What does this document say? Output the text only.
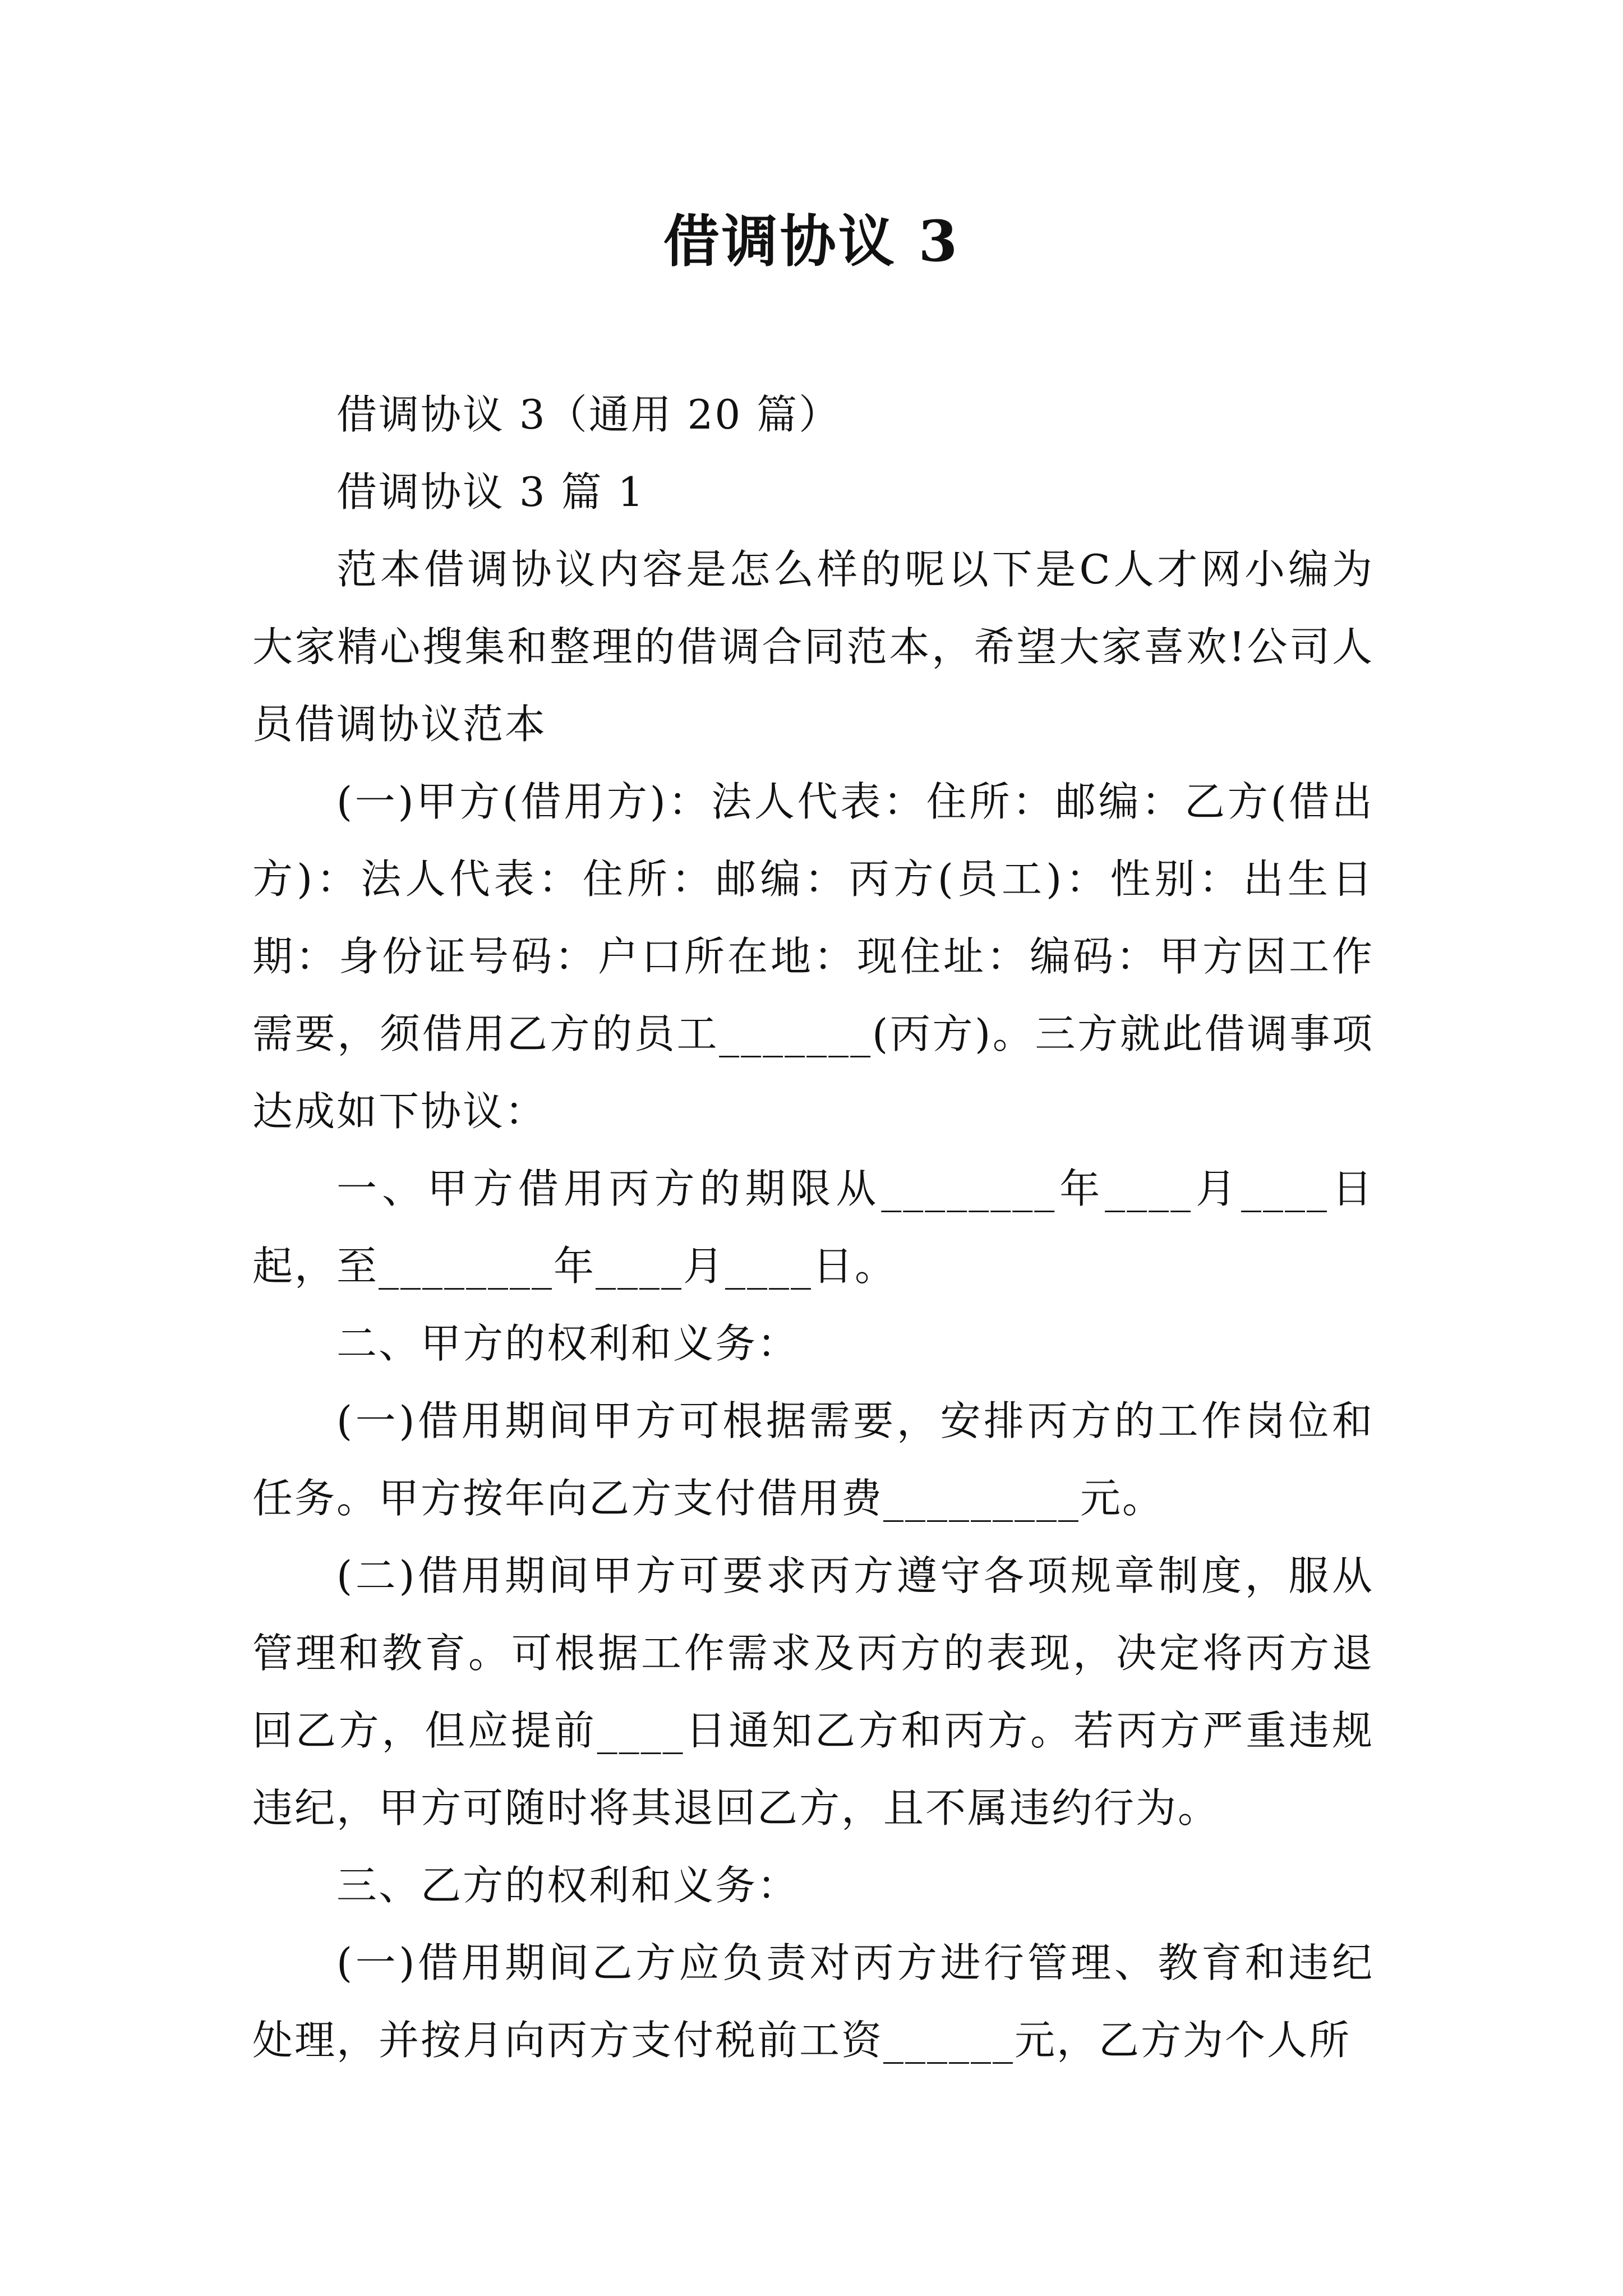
借调协议 3

借调协议 3（通用 20 篇）

借调协议 3 篇 1

范本借调协议内容是怎么样的呢以下是C人才网小编为大家精心搜集和整理的借调合同范本，希望大家喜欢!公司人员借调协议范本

(一)甲方(借用方)：法人代表：住所：邮编：乙方(借出方)：法人代表：住所：邮编：丙方(员工)：性别：出生日期：身份证号码：户口所在地：现住址：编码：甲方因工作需要，须借用乙方的员工_______(丙方)。三方就此借调事项达成如下协议：

一、甲方借用丙方的期限从________年____月____日起，至________年____月____日。

二、甲方的权利和义务：

(一)借用期间甲方可根据需要，安排丙方的工作岗位和任务。甲方按年向乙方支付借用费_________元。

(二)借用期间甲方可要求丙方遵守各项规章制度，服从管理和教育。可根据工作需求及丙方的表现，决定将丙方退回乙方，但应提前____日通知乙方和丙方。若丙方严重违规违纪，甲方可随时将其退回乙方，且不属违约行为。

三、乙方的权利和义务：

(一)借用期间乙方应负责对丙方进行管理、教育和违纪处理，并按月向丙方支付税前工资______元，乙方为个人所
